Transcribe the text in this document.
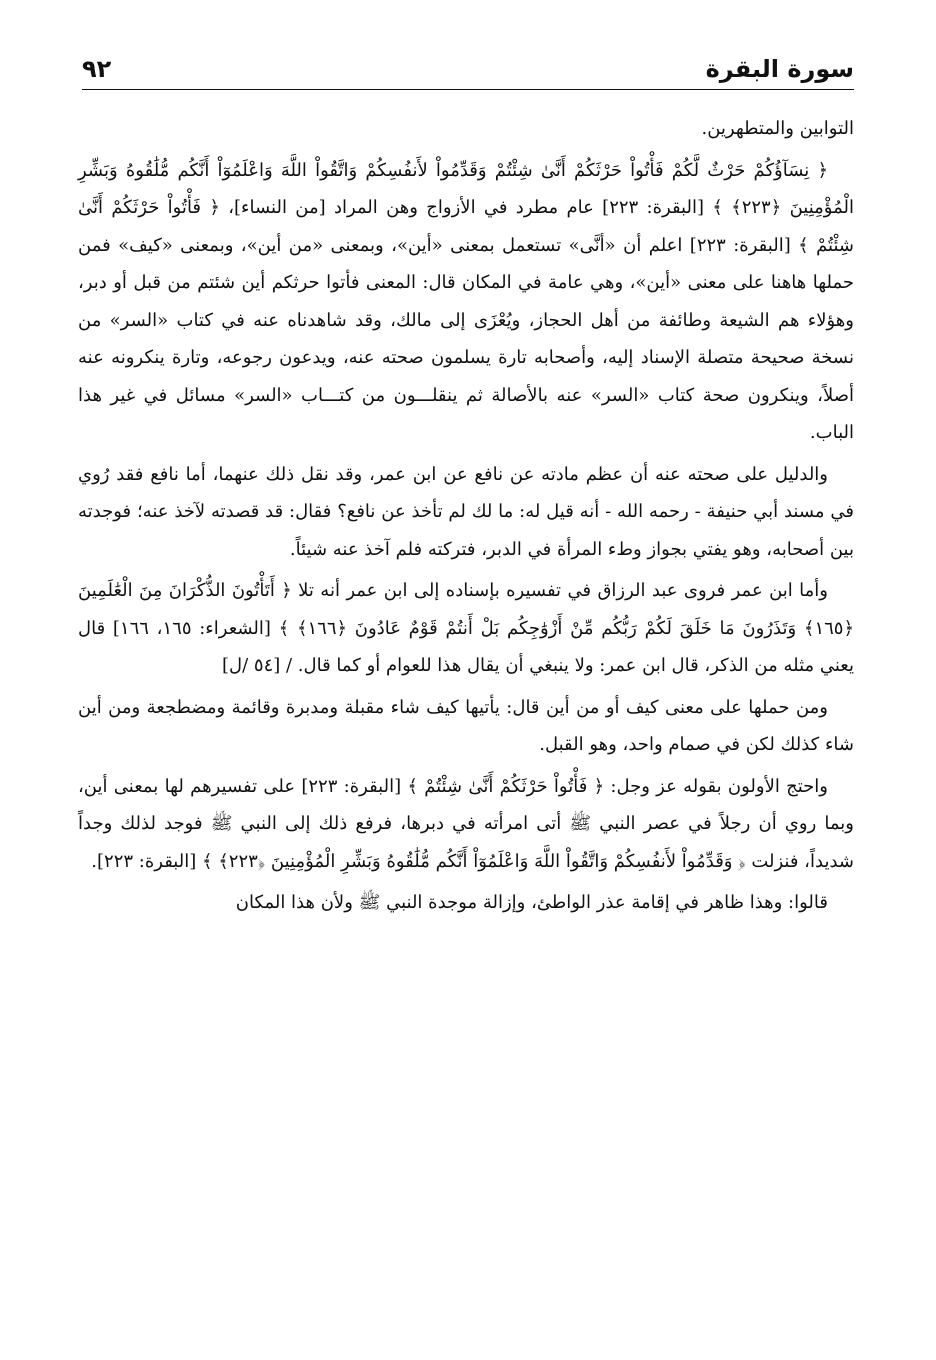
سورة البقرة
٩٢

التوابين والمتطهرين.

﴿ نِسَآؤُكُمْ حَرْثٌ لَّكُمْ فَأْتُواْ حَرْثَكُمْ أَنَّىٰ شِئْتُمْ وَقَدِّمُواْ لأَنفُسِكُمْ وَاتَّقُواْ اللَّهَ وَاعْلَمُوٓاْ أَنَّكُم مُّلَٰقُوهُ وَبَشِّرِ الْمُؤْمِنِينَ ﴿٢٢٣﴾ ﴾ [البقرة: ٢٢٣] عام مطرد في الأزواج وهن المراد [من النساء]، ﴿ فَأْتُواْ حَرْثَكُمْ أَنَّىٰ شِئْتُمْ ﴾ [البقرة: ٢٢٣] اعلم أن «أنَّى» تستعمل بمعنى «أين»، وبمعنى «من أين»، وبمعنى «كيف» فمن حملها هاهنا على معنى «أين»، وهي عامة في المكان قال: المعنى فأتوا حرثكم أين شئتم من قبل أو دبر، وهؤلاء هم الشيعة وطائفة من أهل الحجاز، ويُعْزَى إلى مالك، وقد شاهدناه عنه في كتاب «السر» من نسخة صحيحة متصلة الإسناد إليه، وأصحابه تارة يسلمون صحته عنه، ويدعون رجوعه، وتارة ينكرونه عنه أصلاً، وينكرون صحة كتاب «السر» عنه بالأصالة ثم ينقلـــون من كتـــاب «السر» مسائل في غير هذا الباب.

والدليل على صحته عنه أن عظم مادته عن نافع عن ابن عمر، وقد نقل ذلك عنهما، أما نافع فقد رُوي في مسند أبي حنيفة - رحمه الله - أنه قيل له: ما لك لم تأخذ عن نافع؟ فقال: قد قصدته لآخذ عنه؛ فوجدته بين أصحابه، وهو يفتي بجواز وطء المرأة في الدبر، فتركته فلم آخذ عنه شيئاً.

وأما ابن عمر فروى عبد الرزاق في تفسيره بإسناده إلى ابن عمر أنه تلا ﴿ أَتَأْتُونَ الذُّكْرَانَ مِنَ الْعَٰلَمِينَ ﴿١٦٥﴾ وَتَذَرُونَ مَا خَلَقَ لَكُمْ رَبُّكُم مِّنْ أَزْوَٰجِكُم بَلْ أَنتُمْ قَوْمٌ عَادُونَ ﴿١٦٦﴾ ﴾ [الشعراء: ١٦٥، ١٦٦] قال يعني مثله من الذكر، قال ابن عمر: ولا ينبغي أن يقال هذا للعوام أو كما قال. / [٥٤ /ل]

ومن حملها على معنى كيف أو من أين قال: يأتيها كيف شاء مقبلة ومدبرة وقائمة ومضطجعة ومن أين شاء كذلك لكن في صمام واحد، وهو القبل.

واحتج الأولون بقوله عز وجل: ﴿ فَأْتُواْ حَرْثَكُمْ أَنَّىٰ شِئْتُمْ ﴾ [البقرة: ٢٢٣] على تفسيرهم لها بمعنى أين، وبما روي أن رجلاً في عصر النبي ﷺ أتى امرأته في دبرها، فرفع ذلك إلى النبي ﷺ فوجد لذلك وجداً شديداً، فنزلت ﴿ وَقَدِّمُواْ لأَنفُسِكُمْ وَاتَّقُواْ اللَّهَ وَاعْلَمُوٓاْ أَنَّكُم مُّلَٰقُوهُ وَبَشِّرِ الْمُؤْمِنِينَ ﴿٢٢٣﴾ ﴾ [البقرة: ٢٢٣].

قالوا: وهذا ظاهر في إقامة عذر الواطئ، وإزالة موجدة النبي ﷺ ولأن هذا المكان
